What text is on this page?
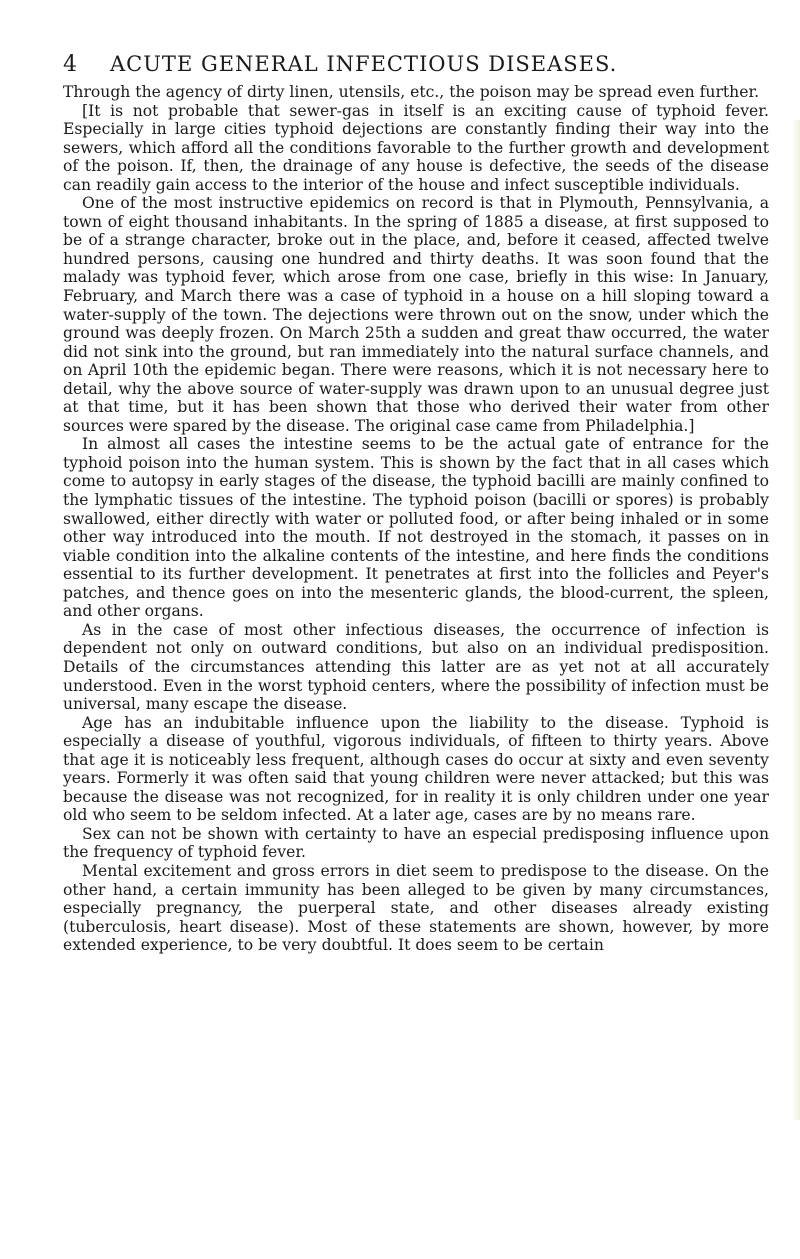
4 ACUTE GENERAL INFECTIOUS DISEASES.

Through the agency of dirty linen, utensils, etc., the poison may be spread even further.

[It is not probable that sewer-gas in itself is an exciting cause of typhoid fever. Especially in large cities typhoid dejections are constantly finding their way into the sewers, which afford all the conditions favorable to the further growth and development of the poison. If, then, the drainage of any house is defective, the seeds of the disease can readily gain access to the interior of the house and infect susceptible individuals.

One of the most instructive epidemics on record is that in Plymouth, Pennsylvania, a town of eight thousand inhabitants. In the spring of 1885 a disease, at first supposed to be of a strange character, broke out in the place, and, before it ceased, affected twelve hundred persons, causing one hundred and thirty deaths. It was soon found that the malady was typhoid fever, which arose from one case, briefly in this wise: In January, February, and March there was a case of typhoid in a house on a hill sloping toward a water-supply of the town. The dejections were thrown out on the snow, under which the ground was deeply frozen. On March 25th a sudden and great thaw occurred, the water did not sink into the ground, but ran immediately into the natural surface channels, and on April 10th the epidemic began. There were reasons, which it is not necessary here to detail, why the above source of water-supply was drawn upon to an unusual degree just at that time, but it has been shown that those who derived their water from other sources were spared by the disease. The original case came from Philadelphia.]

In almost all cases the intestine seems to be the actual gate of entrance for the typhoid poison into the human system. This is shown by the fact that in all cases which come to autopsy in early stages of the disease, the typhoid bacilli are mainly confined to the lymphatic tissues of the intestine. The typhoid poison (bacilli or spores) is probably swallowed, either directly with water or polluted food, or after being inhaled or in some other way introduced into the mouth. If not destroyed in the stomach, it passes on in viable condition into the alkaline contents of the intestine, and here finds the conditions essential to its further development. It penetrates at first into the follicles and Peyer's patches, and thence goes on into the mesenteric glands, the blood-current, the spleen, and other organs.

As in the case of most other infectious diseases, the occurrence of infection is dependent not only on outward conditions, but also on an individual predisposition. Details of the circumstances attending this latter are as yet not at all accurately understood. Even in the worst typhoid centers, where the possibility of infection must be universal, many escape the disease.

Age has an indubitable influence upon the liability to the disease. Typhoid is especially a disease of youthful, vigorous individuals, of fifteen to thirty years. Above that age it is noticeably less frequent, although cases do occur at sixty and even seventy years. Formerly it was often said that young children were never attacked; but this was because the disease was not recognized, for in reality it is only children under one year old who seem to be seldom infected. At a later age, cases are by no means rare.

Sex can not be shown with certainty to have an especial predisposing influence upon the frequency of typhoid fever.

Mental excitement and gross errors in diet seem to predispose to the disease. On the other hand, a certain immunity has been alleged to be given by many circumstances, especially pregnancy, the puerperal state, and other diseases already existing (tuberculosis, heart disease). Most of these statements are shown, however, by more extended experience, to be very doubtful. It does seem to be certain
